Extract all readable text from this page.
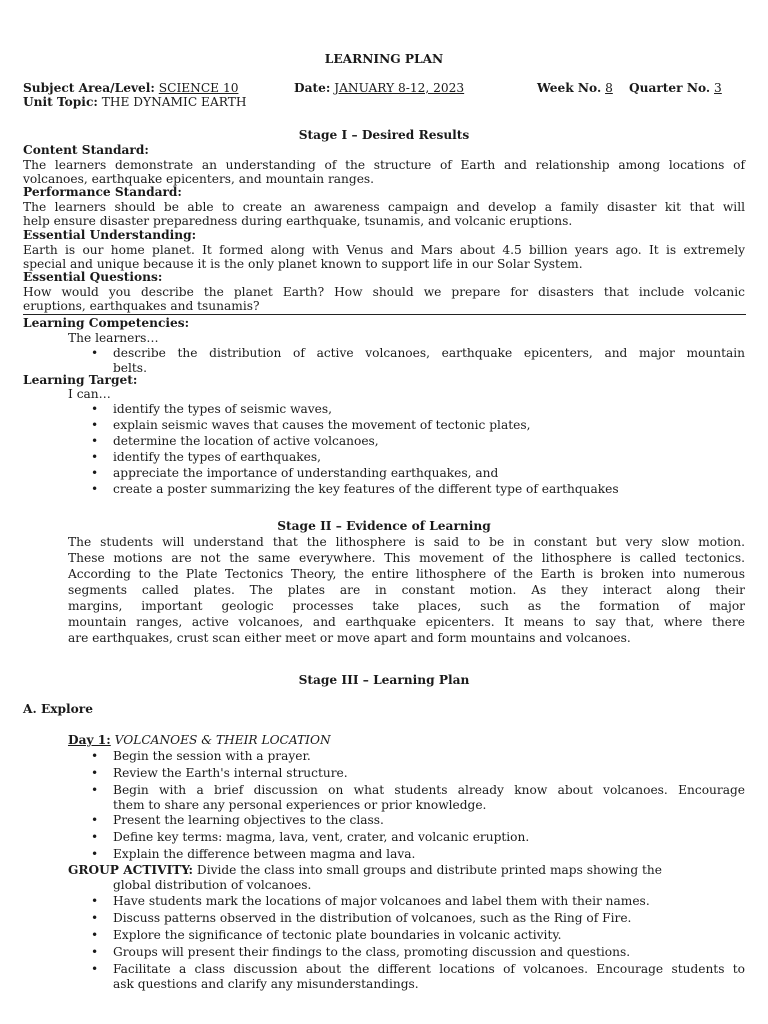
LEARNING PLAN
Subject Area/Level: SCIENCE 10	Date: JANUARY 8-12, 2023	Week No. 8 Quarter No. 3
Unit Topic: THE DYNAMIC EARTH
Stage I – Desired Results
Content Standard:
The learners demonstrate an understanding of the structure of Earth and relationship among locations of
volcanoes, earthquake epicenters, and mountain ranges.
Performance Standard:
The learners should be able to create an awareness campaign and develop a family disaster kit that will
help ensure disaster preparedness during earthquake, tsunamis, and volcanic eruptions.
Essential Understanding:
Earth is our home planet. It formed along with Venus and Mars about 4.5 billion years ago. It is extremely
special and unique because it is the only planet known to support life in our Solar System.
Essential Questions:
How would you describe the planet Earth? How should we prepare for disasters that include volcanic
eruptions, earthquakes and tsunamis?
Learning Competencies:
The learners…
• describe the distribution of active volcanoes, earthquake epicenters, and major mountain
belts.
Learning Target:
I can…
• identify the types of seismic waves,
• explain seismic waves that causes the movement of tectonic plates,
• determine the location of active volcanoes,
• identify the types of earthquakes,
• appreciate the importance of understanding earthquakes, and
• create a poster summarizing the key features of the different type of earthquakes
Stage II – Evidence of Learning
The students will understand that the lithosphere is said to be in constant but very slow motion.
These motions are not the same everywhere. This movement of the lithosphere is called tectonics.
According to the Plate Tectonics Theory, the entire lithosphere of the Earth is broken into numerous
segments called plates. The plates are in constant motion. As they interact along their
margins, important geologic processes take places, such as the formation of major
mountain ranges, active volcanoes, and earthquake epicenters. It means to say that, where there
are earthquakes, crust scan either meet or move apart and form mountains and volcanoes.
Stage III – Learning Plan
A. Explore
Day 1: VOLCANOES & THEIR LOCATION
• Begin the session with a prayer.
• Review the Earth's internal structure.
• Begin with a brief discussion on what students already know about volcanoes. Encourage
them to share any personal experiences or prior knowledge.
• Present the learning objectives to the class.
• Define key terms: magma, lava, vent, crater, and volcanic eruption.
• Explain the difference between magma and lava.
GROUP ACTIVITY: Divide the class into small groups and distribute printed maps showing the
global distribution of volcanoes.
• Have students mark the locations of major volcanoes and label them with their names.
• Discuss patterns observed in the distribution of volcanoes, such as the Ring of Fire.
• Explore the significance of tectonic plate boundaries in volcanic activity.
• Groups will present their findings to the class, promoting discussion and questions.
• Facilitate a class discussion about the different locations of volcanoes. Encourage students to
ask questions and clarify any misunderstandings.
